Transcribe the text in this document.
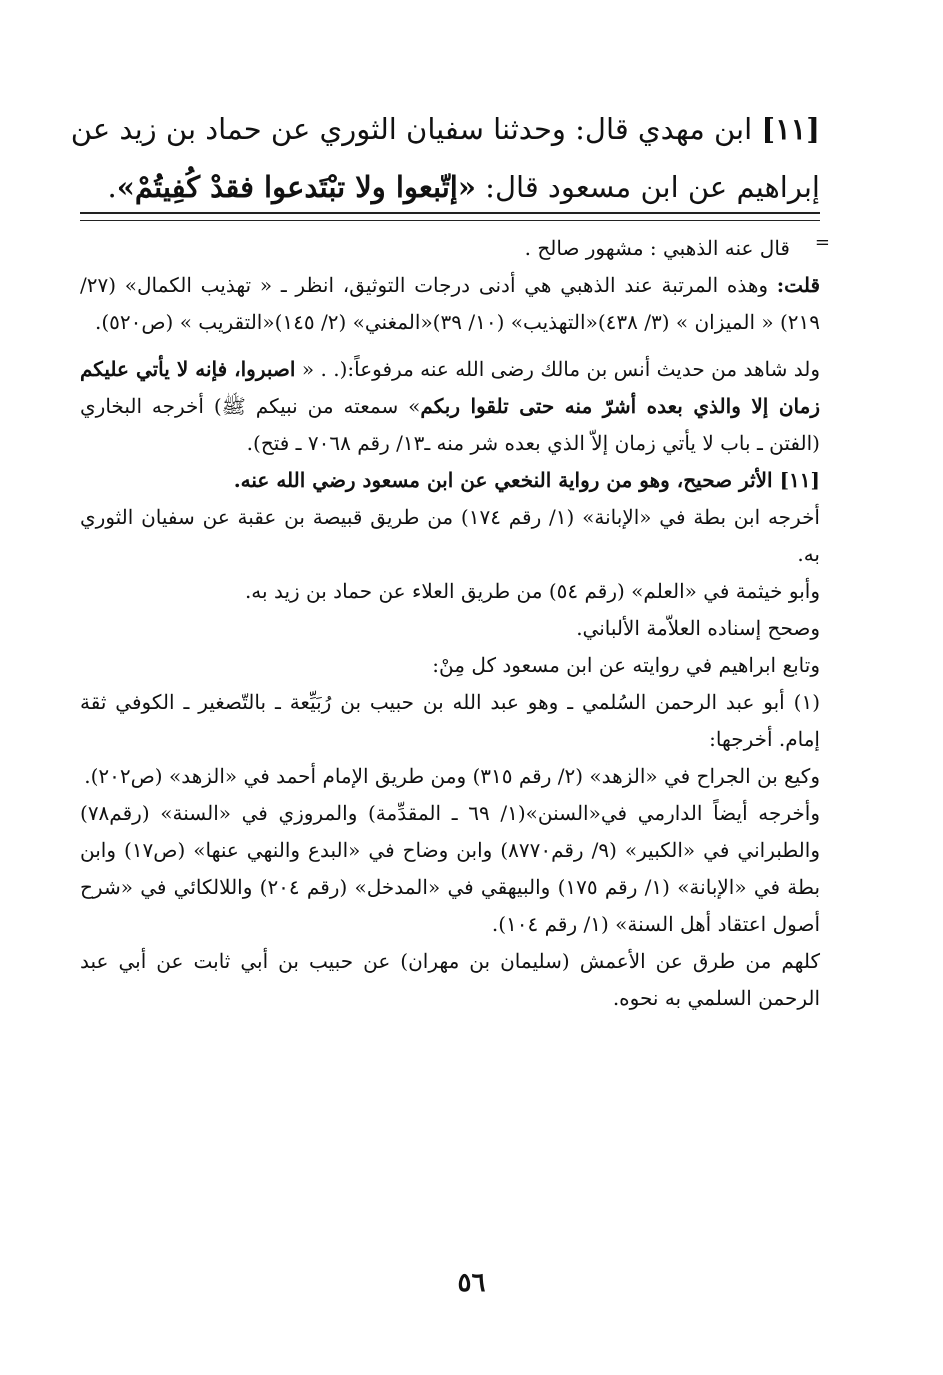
[١١] ابن مهدي قال: وحدثنا سفيان الثوري عن حماد بن زيد عن
إبراهيم عن ابن مسعود قال: «إتّبعوا ولا تبْتَدعوا فقدْ كُفِيتُمْ».
=

قال عنه الذهبي : مشهور صالح .

قلت: وهذه المرتبة عند الذهبي هي أدنى درجات التوثيق، انظر ـ « تهذيب الكمال» (٢٧/ ٢١٩) « الميزان » (٣/ ٤٣٨)«التهذيب» (١٠/ ٣٩)«المغني» (٢/ ١٤٥)«التقريب » (ص٥٢٠).

ولد شاهد من حديث أنس بن مالك رضى الله عنه مرفوعاً:(. . « اصبروا، فإنه لا يأتي عليكم زمان إلا والذي بعده أشرّ منه حتى تلقوا ربكم» سمعته من نبيكم ﷺ) أخرجه البخاري (الفتن ـ باب لا يأتي زمان إلاّ الذي بعده شر منه ـ١٣/ رقم ٧٠٦٨ ـ فتح).

[١١] الأثر صحيح، وهو من رواية النخعي عن ابن مسعود رضي الله عنه.

أخرجه ابن بطة في «الإبانة» (١/ رقم ١٧٤) من طريق قبيصة بن عقبة عن سفيان الثوري به.

وأبو خيثمة في «العلم» (رقم ٥٤) من طريق العلاء عن حماد بن زيد به.

وصحح إسناده العلاّمة الألباني.

وتابع ابراهيم في روايته عن ابن مسعود كل مِنْ:

(١) أبو عبد الرحمن السُلمي ـ وهو عبد الله بن حبيب بن رُبَيِّعة ـ بالتّصغير ـ الكوفي ثقة إمام. أخرجها:

وكيع بن الجراح في «الزهد» (٢/ رقم ٣١٥) ومن طريق الإمام أحمد في «الزهد» (ص٢٠٢).

وأخرجه أيضاً الدارمي في«السنن»(١/ ٦٩ ـ المقدِّمة) والمروزي في «السنة» (رقم٧٨) والطبراني في «الكبير» (٩/ رقم٨٧٧٠) وابن وضاح في «البدع والنهي عنها» (ص١٧) وابن بطة في «الإبانة» (١/ رقم ١٧٥) والبيهقي في «المدخل» (رقم ٢٠٤) واللالكائي في «شرح أصول اعتقاد أهل السنة» (١/ رقم ١٠٤).

كلهم من طرق عن الأعمش (سليمان بن مهران) عن حبيب بن أبي ثابت عن أبي عبد الرحمن السلمي به نحوه.

٥٦
